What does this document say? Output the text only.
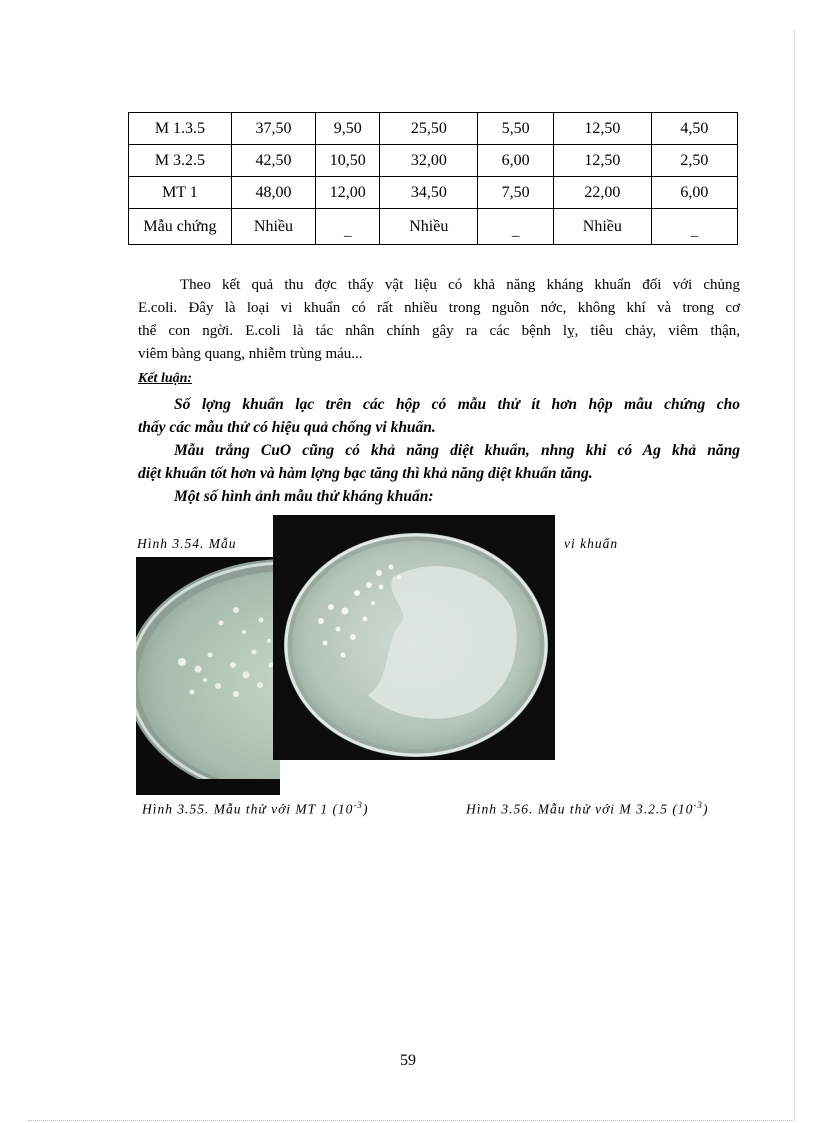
M 1.3.5	37,50	9,50	25,50	5,50	12,50	4,50
M 3.2.5	42,50	10,50	32,00	6,00	12,50	2,50
MT 1	48,00	12,00	34,50	7,50	22,00	6,00
Mẫu chứng	Nhiều	_	Nhiều	_	Nhiều	_
Theo kết quả thu đợc thấy vật liệu có khả năng kháng khuẩn đối với chủng
E.coli. Đây là loại vi khuẩn có rất nhiều trong nguồn nớc, không khí và trong cơ
thể con ngời. E.coli là tác nhân chính gây ra các bệnh lỵ, tiêu chảy, viêm thận,
viêm bàng quang, nhiễm trùng máu...
Kết luận:
Số lợng khuẩn lạc trên các hộp có mẫu thử ít hơn hộp mẫu chứng cho
thấy các mẫu thử có hiệu quả chống vi khuẩn.
Mẫu trắng CuO cũng có khả năng diệt khuẩn, nhng khi có Ag khả năng
diệt khuẩn tốt hơn và hàm lợng bạc tăng thì khả năng diệt khuẩn tăng.
Một số hình ảnh mẫu thử kháng khuẩn:
Hình 3.54. Mẫu	vi khuẩn
Hình 3.55. Mẫu thử với MT 1 $(10^{-3})$	Hình 3.56. Mẫu thử với M 3.2.5 $(10^{-3})$
59
